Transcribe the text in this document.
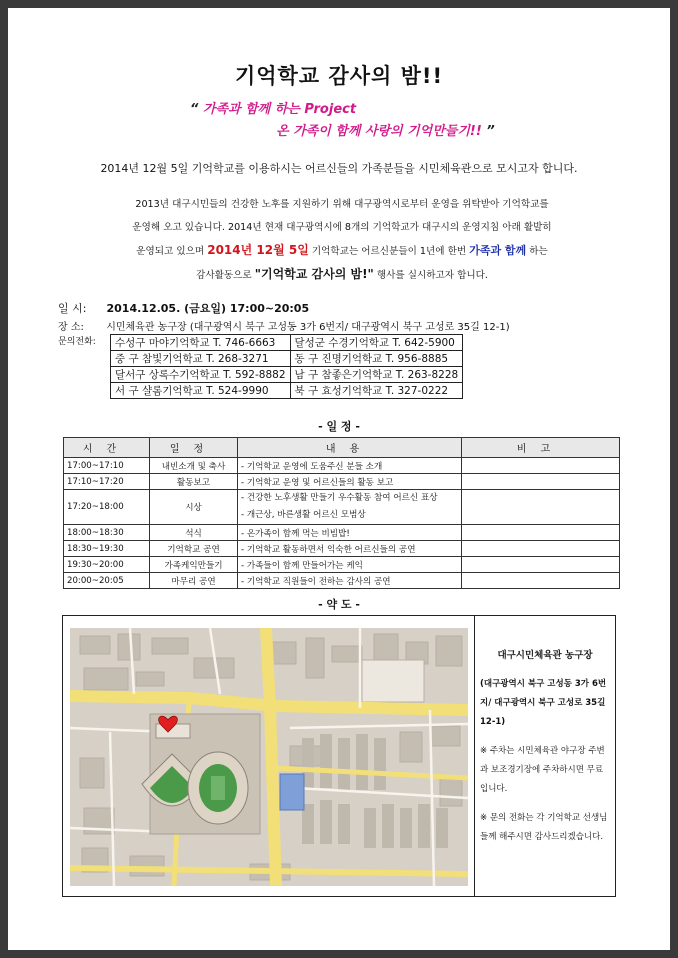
기억학교 감사의 밤!!
“ 가족과 함께 하는 Project
온 가족이 함께 사랑의 기억만들기!! ”
2014년 12월 5일 기억학교를 이용하시는 어르신들의 가족분들을 시민체육관으로 모시고자 합니다.
2013년 대구시민들의 건강한 노후를 지원하기 위해 대구광역시로부터 운영을 위탁받아 기억학교를
운영해 오고 있습니다. 2014년 현재 대구광역시에 8개의 기억학교가 대구시의 운영지침 아래 활발히
운영되고 있으며 2014년 12월 5일 기억학교는 어르신분들이 1년에 한번 가족과 함께 하는
감사활동으로 "기억학교 감사의 밤!" 행사를 실시하고자 합니다.
일 시: 2014.12.05. (금요일) 17:00~20:05
장 소: 시민체육관 농구장 (대구광역시 북구 고성동 3가 6번지/ 대구광역시 북구 고성로 35길 12-1)
문의전화: 수성구 마야기억학교 T. 746-6663	달성군 수경기억학교 T. 642-5900
중 구 참빛기억학교 T. 268-3271	동 구 진명기억학교 T. 956-8885
달서구 상록수기억학교 T. 592-8882	남 구 참좋은기억학교 T. 263-8228
서 구 샬롬기억학교 T. 524-9990	북 구 효성기억학교 T. 327-0222
- 일 정 -
시간	일정	내용	비고
17:00~17:10	내빈소개 및 축사	- 기억학교 운영에 도움주신 분들 소개	
17:10~17:20	활동보고	- 기억학교 운영 및 어르신들의 활동 보고	
17:20~18:00	시상	- 건강한 노후생활 만들기 우수활동 참여 어르신 표상
- 개근상, 바른생활 어르신 모범상	

18:00~18:30	석식	- 온가족이 함께 먹는 비빔밥!	
18:30~19:30	기억학교 공연	- 기억학교 활동하면서 익숙한 어르신들의 공연	
19:30~20:00	가족케익만들기	- 가족들이 함께 만들어가는 케익	
20:00~20:05	마무리 공연	- 기억학교 직원들이 전하는 감사의 공연	
- 약 도 -

대구시민체육관 농구장

(대구광역시 북구 고성동 3가 6번지/ 대구광역시 북구 고성로 35길 12-1)

※ 주차는 시민체육관 야구장 주변과 보조경기장에 주차하시면 무료입니다.

※ 문의 전화는 각 기억학교 선생님들께 해주시면 감사드리겠습니다.
